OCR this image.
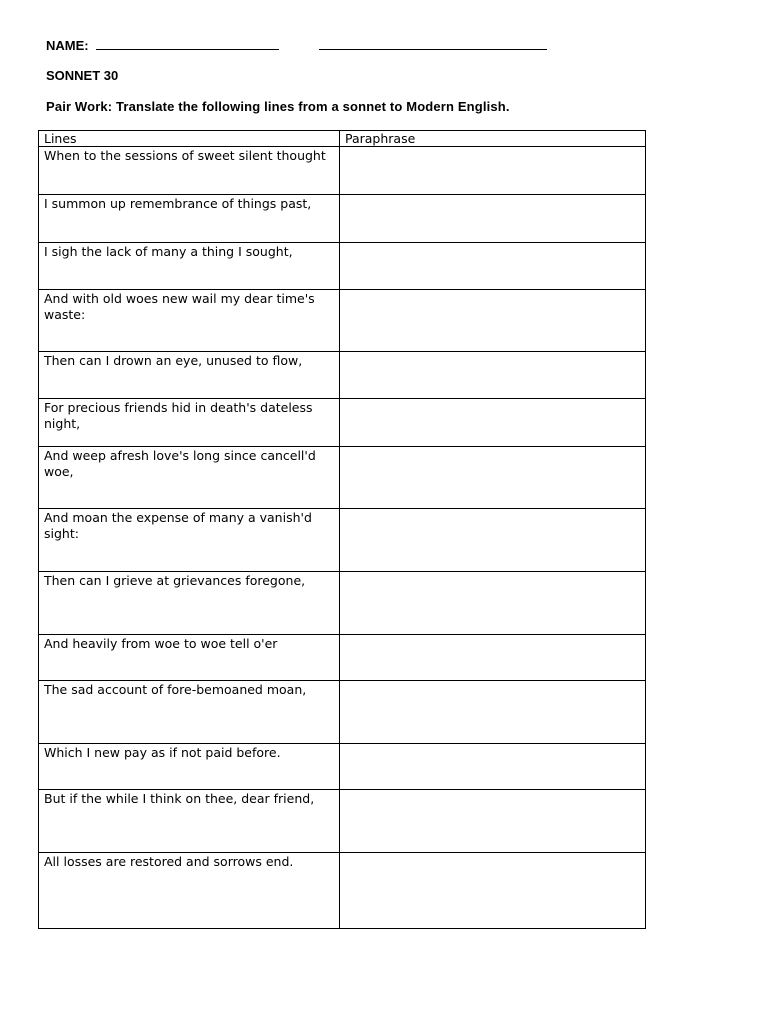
NAME:
SONNET 30
Pair Work: Translate the following lines from a sonnet to Modern English.
Lines	Paraphrase

When to the sessions of sweet silent thought	

I summon up remembrance of things past,	

I sigh the lack of many a thing I sought,	

And with old woes new wail my dear time's waste:	

Then can I drown an eye, unused to flow,	

For precious friends hid in death's dateless night,	

And weep afresh love's long since cancell'd woe,	

And moan the expense of many a vanish'd sight:	

Then can I grieve at grievances foregone,	

And heavily from woe to woe tell o'er	

The sad account of fore-bemoaned moan,	

Which I new pay as if not paid before.	

But if the while I think on thee, dear friend,	

All losses are restored and sorrows end.	
